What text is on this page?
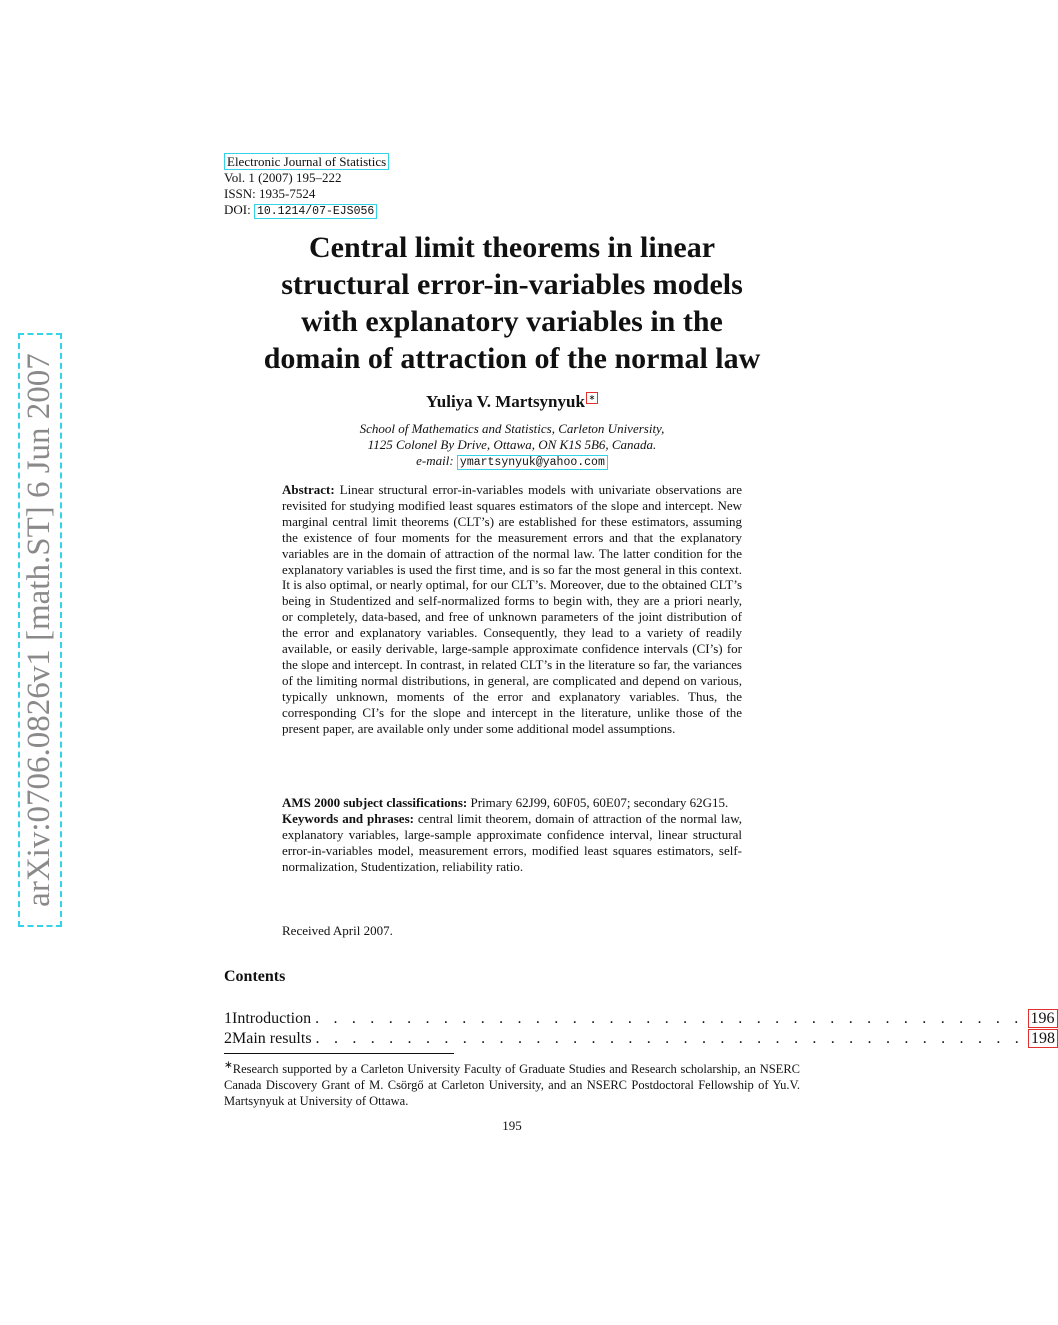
arXiv:0706.0826v1 [math.ST] 6 Jun 2007
Electronic Journal of Statistics
Vol. 1 (2007) 195–222
ISSN: 1935-7524
DOI: 10.1214/07-EJS056
Central limit theorems in linear
structural error-in-variables models
with explanatory variables in the
domain of attraction of the normal law
Yuliya V. Martsynyuk ∗
School of Mathematics and Statistics, Carleton University,
1125 Colonel By Drive, Ottawa, ON K1S 5B6, Canada.
e-mail: ymartsynyuk@yahoo.com
Abstract: Linear structural error-in-variables models with univariate observations are revisited for studying modified least squares estimators of the slope and intercept. New marginal central limit theorems (CLT’s) are established for these estimators, assuming the existence of four moments for the measurement errors and that the explanatory variables are in the domain of attraction of the normal law. The latter condition for the explanatory variables is used the first time, and is so far the most general in this context. It is also optimal, or nearly optimal, for our CLT’s. Moreover, due to the obtained CLT’s being in Studentized and self-normalized forms to begin with, they are a priori nearly, or completely, data-based, and free of unknown parameters of the joint distribution of the error and explanatory variables. Consequently, they lead to a variety of readily available, or easily derivable, large-sample approximate confidence intervals (CI’s) for the slope and intercept. In contrast, in related CLT’s in the literature so far, the variances of the limiting normal distributions, in general, are complicated and depend on various, typically unknown, moments of the error and explanatory variables. Thus, the corresponding CI’s for the slope and intercept in the literature, unlike those of the present paper, are available only under some additional model assumptions.
AMS 2000 subject classifications: Primary 62J99, 60F05, 60E07; secondary 62G15.
Keywords and phrases: central limit theorem, domain of attraction of the normal law, explanatory variables, large-sample approximate confidence interval, linear structural error-in-variables model, measurement errors, modified least squares estimators, self-normalization, Studentization, reliability ratio.
Received April 2007.
Contents
1 Introduction . . . . . . . . . . . . . . . . . . . . . . . . . . . . . . . . . . . . . . . 196
2 Main results . . . . . . . . . . . . . . . . . . . . . . . . . . . . . . . . . . . . . . . 198
∗Research supported by a Carleton University Faculty of Graduate Studies and Research scholarship, an NSERC Canada Discovery Grant of M. Csörgő at Carleton University, and an NSERC Postdoctoral Fellowship of Yu.V. Martsynyuk at University of Ottawa.
195
